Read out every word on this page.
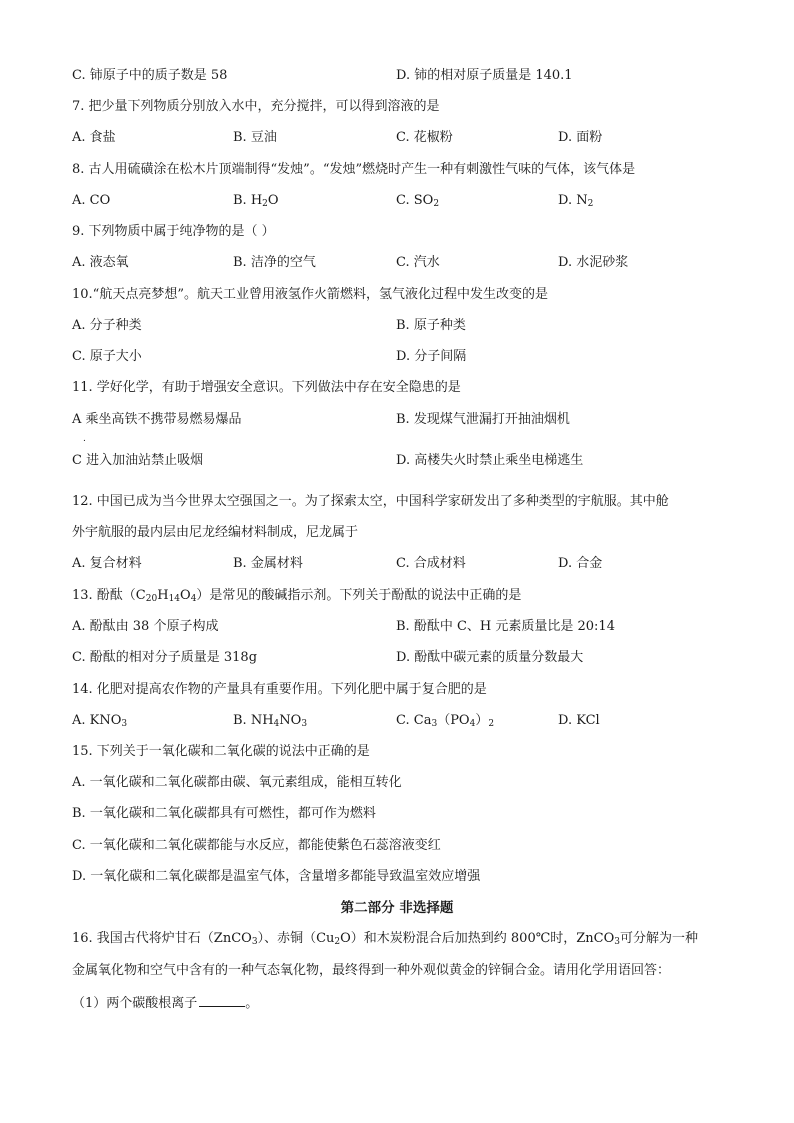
C. 铈原子中的质子数是 58	D. 铈的相对原子质量是 140.1
7. 把少量下列物质分别放入水中，充分搅拌，可以得到溶液的是
A. 食盐	B. 豆油	C. 花椒粉	D. 面粉
8. 古人用硫磺涂在松木片顶端制得“发烛”。“发烛”燃烧时产生一种有刺激性气味的气体，该气体是
A. CO	B. $H_2O$	C. $SO_2$	D. $N_2$
9. 下列物质中属于纯净物的是（ ）
A. 液态氧	B. 洁净的空气	C. 汽水	D. 水泥砂浆
10.“航天点亮梦想”。航天工业曾用液氢作火箭燃料，氢气液化过程中发生改变的是
A. 分子种类	B. 原子种类
C. 原子大小	D. 分子间隔
11. 学好化学，有助于增强安全意识。下列做法中存在安全隐患的是
A 乘坐高铁不携带易燃易爆品	B. 发现煤气泄漏打开抽油烟机
.
C 进入加油站禁止吸烟	D. 高楼失火时禁止乘坐电梯逃生
12. 中国已成为当今世界太空强国之一。为了探索太空，中国科学家研发出了多种类型的宇航服。其中舱
外宇航服的最内层由尼龙经编材料制成，尼龙属于
A. 复合材料	B. 金属材料	C. 合成材料	D. 合金
13. 酚酞$(C_{20}H_{14}O_4)$是常见的酸碱指示剂。下列关于酚酞的说法中正确的是
A. 酚酞由 38 个原子构成	B. 酚酞中 C、H 元素质量比是 20:14
C. 酚酞的相对分子质量是 318g	D. 酚酞中碳元素的质量分数最大
14. 化肥对提高农作物的产量具有重要作用。下列化肥中属于复合肥的是
A. $KNO_3$	B. $NH_4NO_3$	C. $Ca_3(PO_4)_2$	D. KCl
15. 下列关于一氧化碳和二氧化碳的说法中正确的是
A. 一氧化碳和二氧化碳都由碳、氧元素组成，能相互转化
B. 一氧化碳和二氧化碳都具有可燃性，都可作为燃料
C. 一氧化碳和二氧化碳都能与水反应，都能使紫色石蕊溶液变红
D. 一氧化碳和二氧化碳都是温室气体，含量增多都能导致温室效应增强
第二部分 非选择题
16. 我国古代将炉甘石（ZnCO$_3$）、赤铜$(Cu_2O)$和木炭粉混合后加热到约 800℃时，ZnCO$_3$可分解为一种
金属氧化物和空气中含有的一种气态氧化物，最终得到一种外观似黄金的锌铜合金。请用化学用语回答：
（1）两个碳酸根离子	。
